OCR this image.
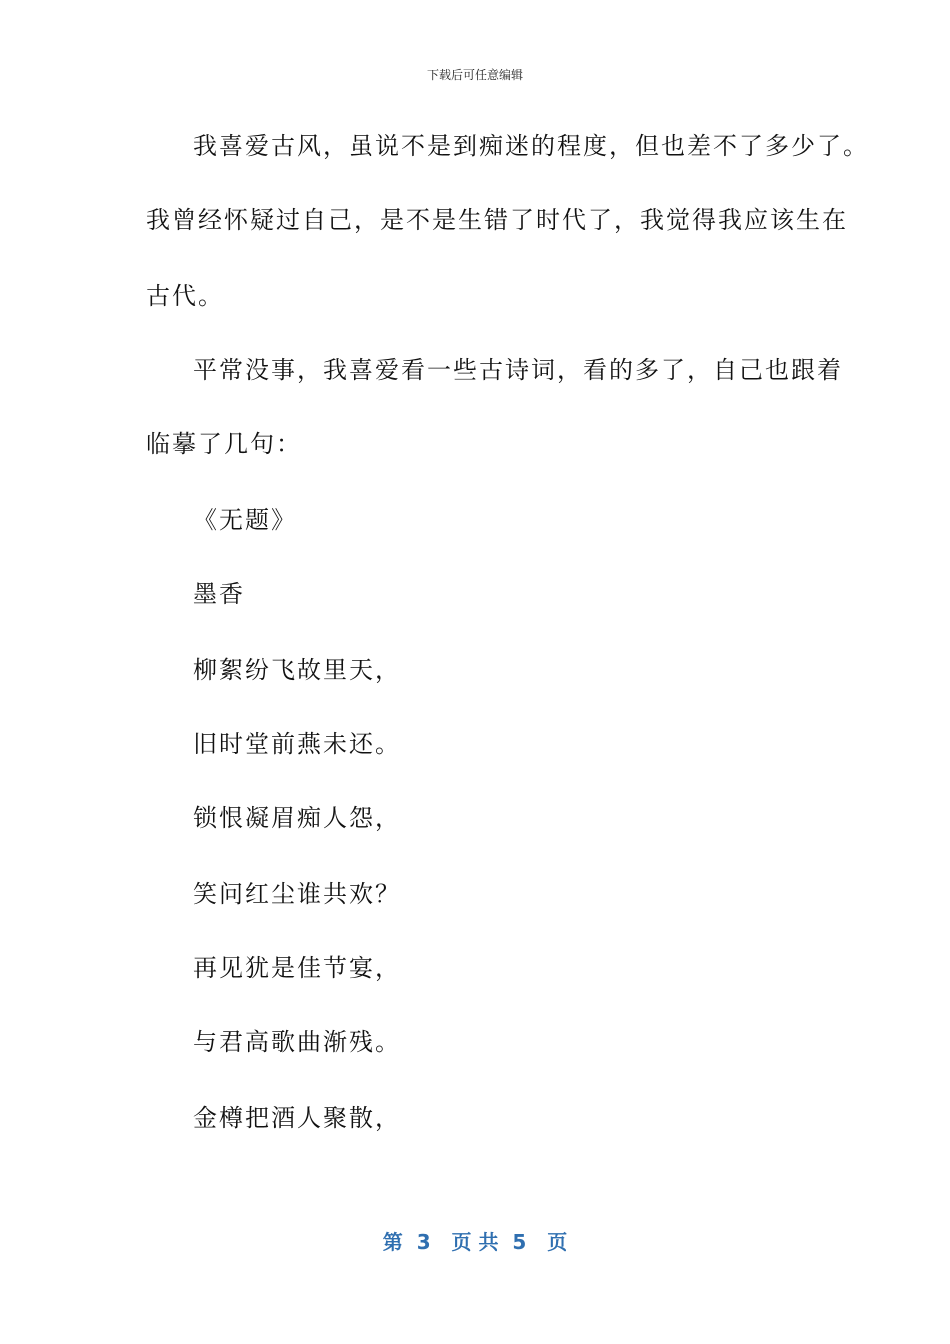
下载后可任意编辑
我喜爱古风，虽说不是到痴迷的程度，但也差不了多少了。
我曾经怀疑过自己，是不是生错了时代了，我觉得我应该生在
古代。
平常没事，我喜爱看一些古诗词，看的多了，自己也跟着
临摹了几句：
《无题》
墨香
柳絮纷飞故里天，
旧时堂前燕未还。
锁恨凝眉痴人怨，
笑问红尘谁共欢？
再见犹是佳节宴，
与君高歌曲渐残。
金樽把酒人聚散，
第  3   页 共  5   页
